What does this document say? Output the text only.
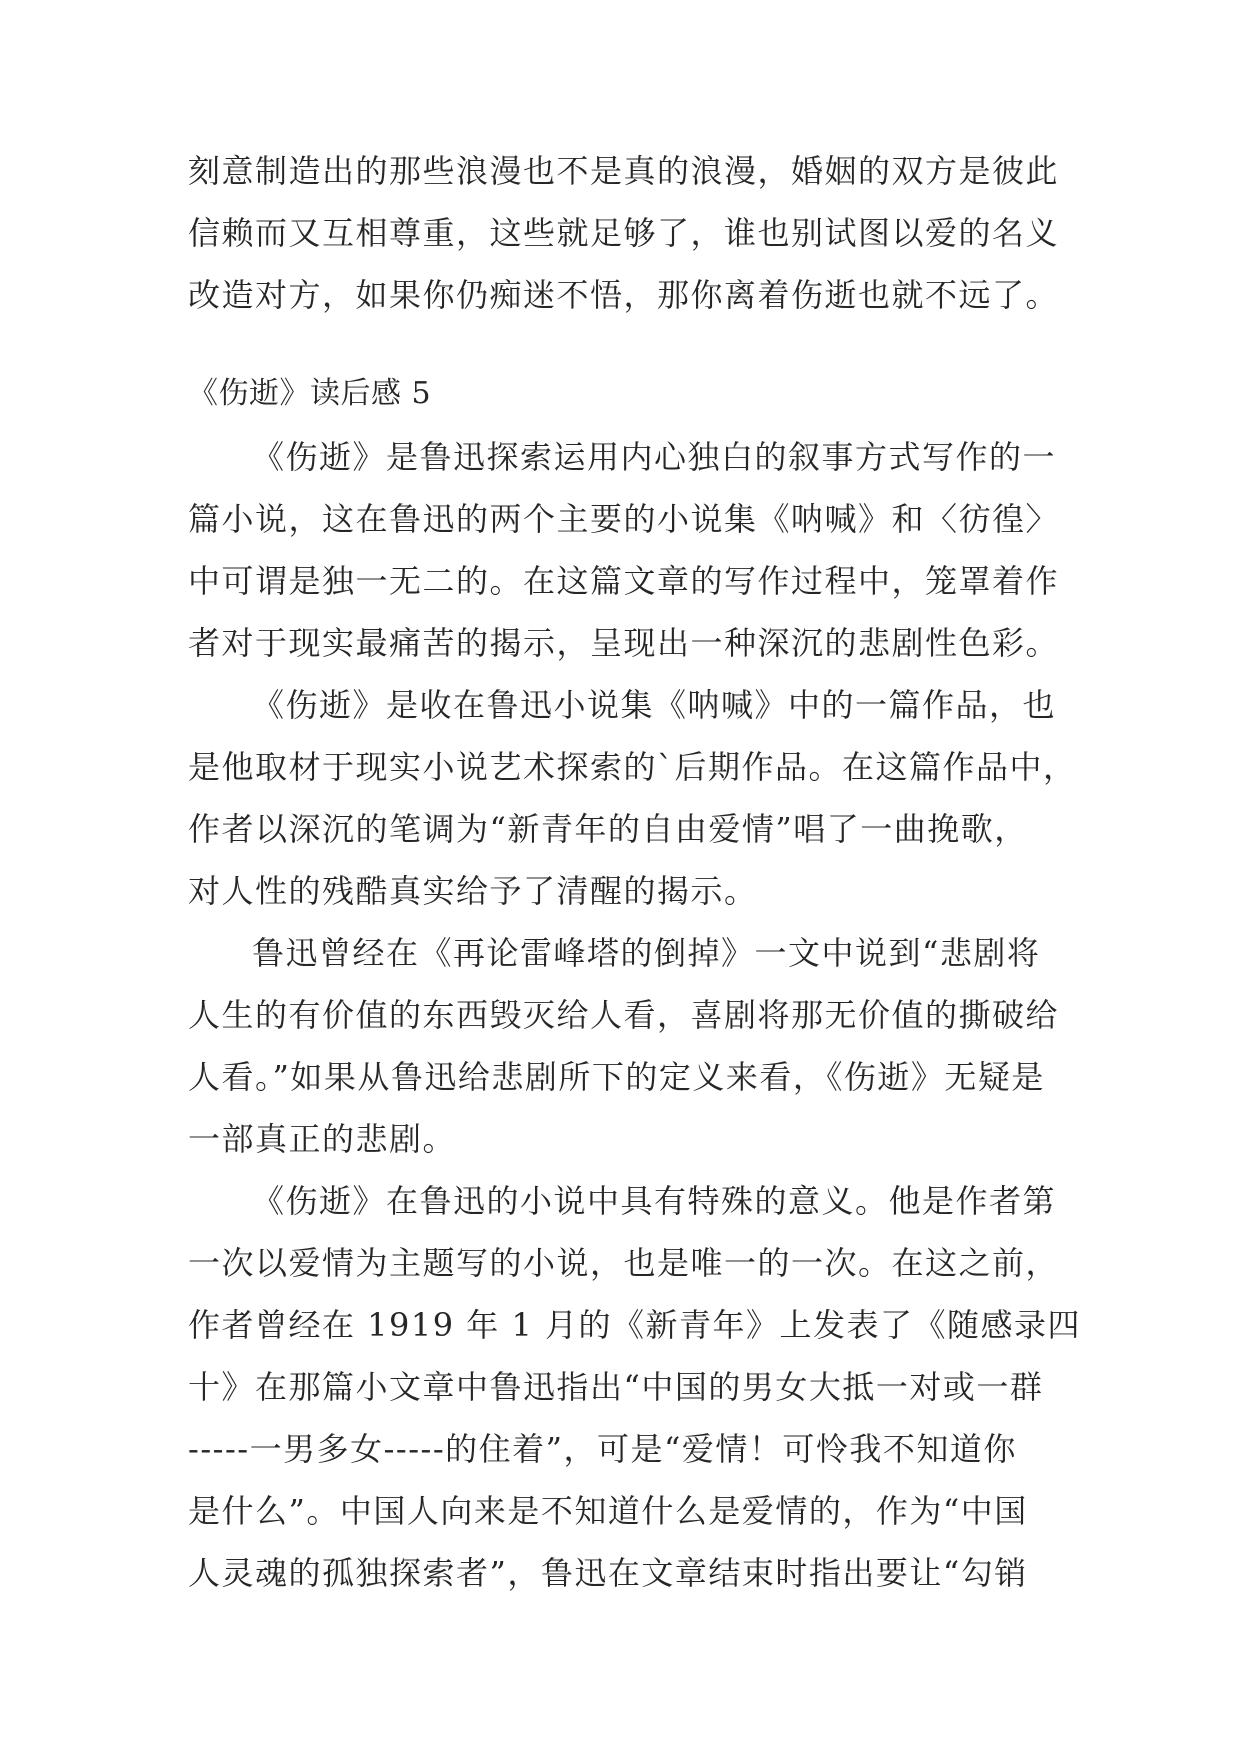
刻意制造出的那些浪漫也不是真的浪漫，婚姻的双方是彼此
信赖而又互相尊重，这些就足够了，谁也别试图以爱的名义
改造对方，如果你仍痴迷不悟，那你离着伤逝也就不远了。
《伤逝》读后感 5
《伤逝》是鲁迅探索运用内心独白的叙事方式写作的一
篇小说，这在鲁迅的两个主要的小说集《呐喊》和〈彷徨〉
中可谓是独一无二的。在这篇文章的写作过程中，笼罩着作
者对于现实最痛苦的揭示，呈现出一种深沉的悲剧性色彩。
《伤逝》是收在鲁迅小说集《呐喊》中的一篇作品，也
是他取材于现实小说艺术探索的`后期作品。在这篇作品中，
作者以深沉的笔调为“新青年的自由爱情”唱了一曲挽歌，
对人性的残酷真实给予了清醒的揭示。
鲁迅曾经在《再论雷峰塔的倒掉》一文中说到“悲剧将
人生的有价值的东西毁灭给人看，喜剧将那无价值的撕破给
人看。”如果从鲁迅给悲剧所下的定义来看，《伤逝》无疑是
一部真正的悲剧。
《伤逝》在鲁迅的小说中具有特殊的意义。他是作者第
一次以爱情为主题写的小说，也是唯一的一次。在这之前，
作者曾经在 1919 年 1 月的《新青年》上发表了《随感录四
十》在那篇小文章中鲁迅指出“中国的男女大抵一对或一群
-----一男多女-----的住着”，可是“爱情！可怜我不知道你
是什么”。中国人向来是不知道什么是爱情的，作为“中国
人灵魂的孤独探索者”，鲁迅在文章结束时指出要让“勾销
